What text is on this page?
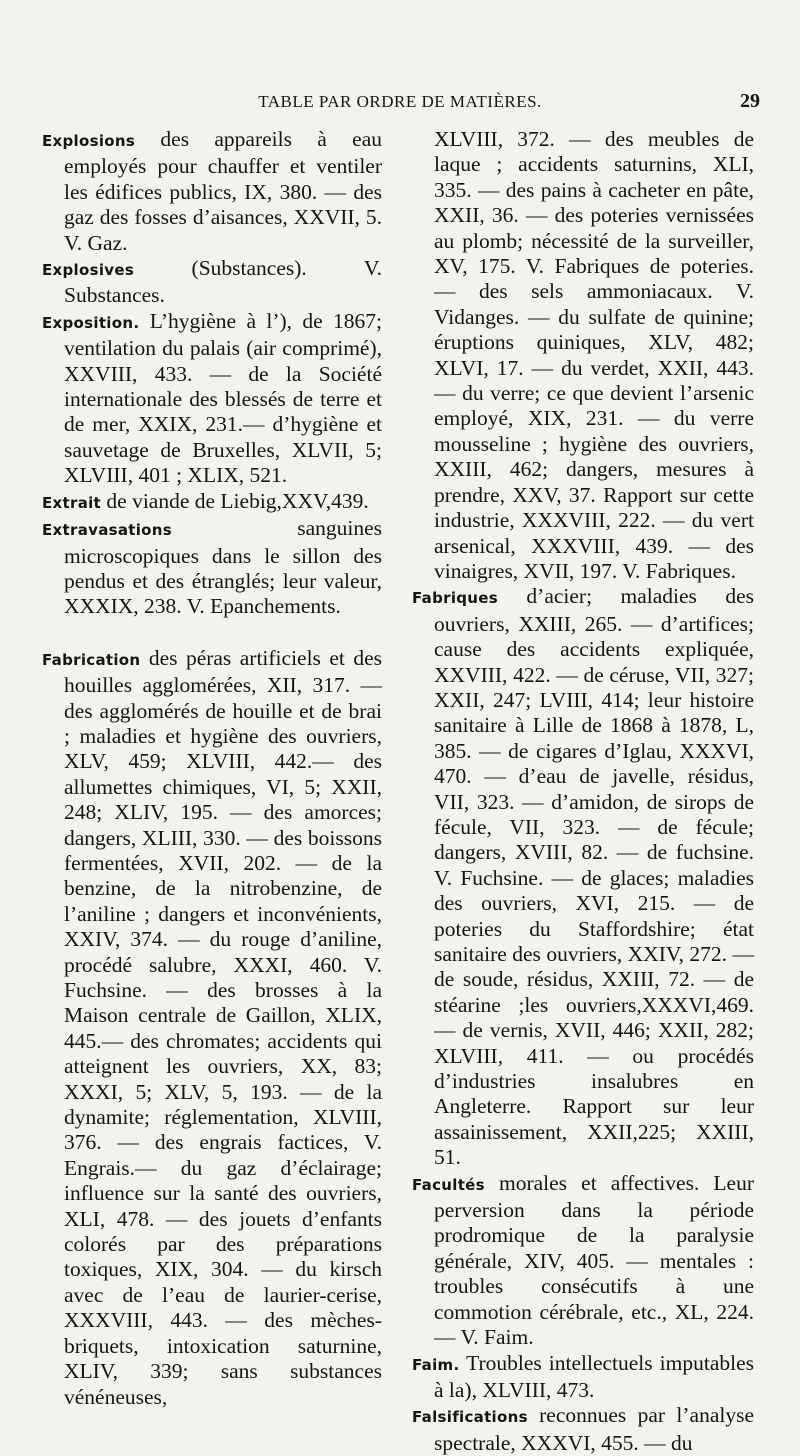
TABLE PAR ORDRE DE MATIÈRES.	29

Explosions des appareils à eau employés pour chauffer et ventiler les édifices publics, IX, 380. — des gaz des fosses d’aisances, XXVII, 5. V. Gaz.

Explosives (Substances). V. Substances.

Exposition. L’hygiène à l’), de 1867; ventilation du palais (air comprimé), XXVIII, 433. — de la Société internationale des blessés de terre et de mer, XXIX, 231.— d’hygiène et sauvetage de Bruxelles, XLVII, 5; XLVIII, 401 ; XLIX, 521.

Extrait de viande de Liebig,XXV,439.

Extravasations sanguines microscopiques dans le sillon des pendus et des étranglés; leur valeur, XXXIX, 238. V. Epanchements.

Fabrication des péras artificiels et des houilles agglomérées, XII, 317. — des agglomérés de houille et de brai ; maladies et hygiène des ouvriers, XLV, 459; XLVIII, 442.— des allumettes chimiques, VI, 5; XXII, 248; XLIV, 195. — des amorces; dangers, XLIII, 330. — des boissons fermentées, XVII, 202. — de la benzine, de la nitrobenzine, de l’aniline ; dangers et inconvénients, XXIV, 374. — du rouge d’aniline, procédé salubre, XXXI, 460. V. Fuchsine. — des brosses à la Maison centrale de Gaillon, XLIX, 445.— des chromates; accidents qui atteignent les ouvriers, XX, 83; XXXI, 5; XLV, 5, 193. — de la dynamite; réglementation, XLVIII, 376. — des engrais factices, V. Engrais.— du gaz d’éclairage; influence sur la santé des ouvriers, XLI, 478. — des jouets d’enfants colorés par des préparations toxiques, XIX, 304. — du kirsch avec de l’eau de laurier-cerise, XXXVIII, 443. — des mèches-briquets, intoxication saturnine, XLIV, 339; sans substances vénéneuses,

XLVIII, 372. — des meubles de laque ; accidents saturnins, XLI, 335. — des pains à cacheter en pâte, XXII, 36. — des poteries vernissées au plomb; nécessité de la surveiller, XV, 175. V. Fabriques de poteries. — des sels ammoniacaux. V. Vidanges. — du sulfate de quinine; éruptions quiniques, XLV, 482; XLVI, 17. — du verdet, XXII, 443. — du verre; ce que devient l’arsenic employé, XIX, 231. — du verre mousseline ; hygiène des ouvriers, XXIII, 462; dangers, mesures à prendre, XXV, 37. Rapport sur cette industrie, XXXVIII, 222. — du vert arsenical, XXXVIII, 439. — des vinaigres, XVII, 197. V. Fabriques.

Fabriques d’acier; maladies des ouvriers, XXIII, 265. — d’artifices; cause des accidents expliquée, XXVIII, 422. — de céruse, VII, 327; XXII, 247; LVIII, 414; leur histoire sanitaire à Lille de 1868 à 1878, L, 385. — de cigares d’Iglau, XXXVI, 470. — d’eau de javelle, résidus, VII, 323. — d’amidon, de sirops de fécule, VII, 323. — de fécule; dangers, XVIII, 82. — de fuchsine. V. Fuchsine. — de glaces; maladies des ouvriers, XVI, 215. — de poteries du Staffordshire; état sanitaire des ouvriers, XXIV, 272. — de soude, résidus, XXIII, 72. — de stéarine ;les ouvriers,XXXVI,469. — de vernis, XVII, 446; XXII, 282; XLVIII, 411. — ou procédés d’industries insalubres en Angleterre. Rapport sur leur assainissement, XXII,225; XXIII, 51.

Facultés morales et affectives. Leur perversion dans la période prodromique de la paralysie générale, XIV, 405. — mentales : troubles consécutifs à une commotion cérébrale, etc., XL, 224. — V. Faim.

Faim. Troubles intellectuels imputables à la), XLVIII, 473.

Falsifications reconnues par l’analyse spectrale, XXXVI, 455. — du
